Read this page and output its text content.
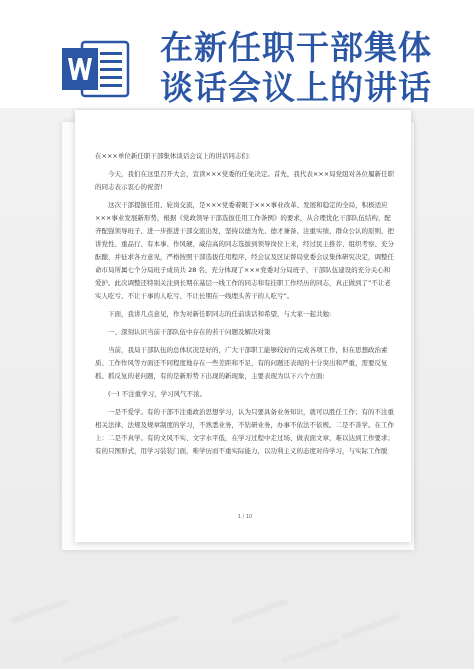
在新任职干部集体
谈话会议上的讲话

在×××单位新任职干部集体谈话会议上的讲话同志们:

今天，我们在这里召开大会，宣读×××党委的任免决定。首先，我代表×××局党组对各位履新任职的同志表示衷心的祝贺!

这次干部提拔任用、轮岗交流，是×××党委着眼于×××事业改革、发展和稳定的全局，积极适应×××事业发展新形势，根据《党政领导干部选拔任用工作条例》的要求，从合理优化干部队伍结构、配齐配强领导班子、进一步推进干部交流出发，坚持以德为先、德才兼备、注重实绩、群众公认的原则，把讲党性、重品行、有本事、作风硬、威信高的同志选拔到领导岗位上来，经过民主推荐、组织考察、充分酝酿，并征求各方意见，严格按照干部选拔任用程序，经会议及区证督局党委会议集体研究决定，调整任命市局所属七个分局班子成员共 28 名，充分体现了×××党委对分局班子、干部队伍建设的充分关心和爱护。此次调整还特别关注到长期在基层一线工作的同志和有挂职工作经历的同志，真正做到了“不让老实人吃亏、不让干事的人吃亏、不让长期在一线埋头苦干的人吃亏”。

下面，我讲几点意见，作为对新任职同志的任前谈话和希望，与大家一起共勉:

一、深刻认识当前干部队伍中存在的若干问题及解决对策

当前，我局干部队伍的总体状况是好的，广大干部职工能够较好的完成各项工作，但在思想政治素质、工作作风等方面还不同程度地存在一些差距和不足，有的问题还表现的十分突出和严重，需要反复抓、抓反复的老问题，有的是新形势下出现的新现象，主要表现为以下六个方面:

(一) 不注重学习，学习风气不浓。

一是不爱学。有的干部不注重政治思想学习，认为只要具备业务知识，就可以胜任工作；有的不注重相关法律、法规及规章制度的学习，不熟悉业务，不钻研业务，办事不依法不依规。二是不善学。在工作上：二是不真学。有的文风不实、文字水平低，在学习过程中走过场、做表面文章，难以达到工作要求；有的只图形式，用学习装装门面，唯学历而不重实际能力，以功利主义的态度对待学习，与实际工作脱

1 / 10
